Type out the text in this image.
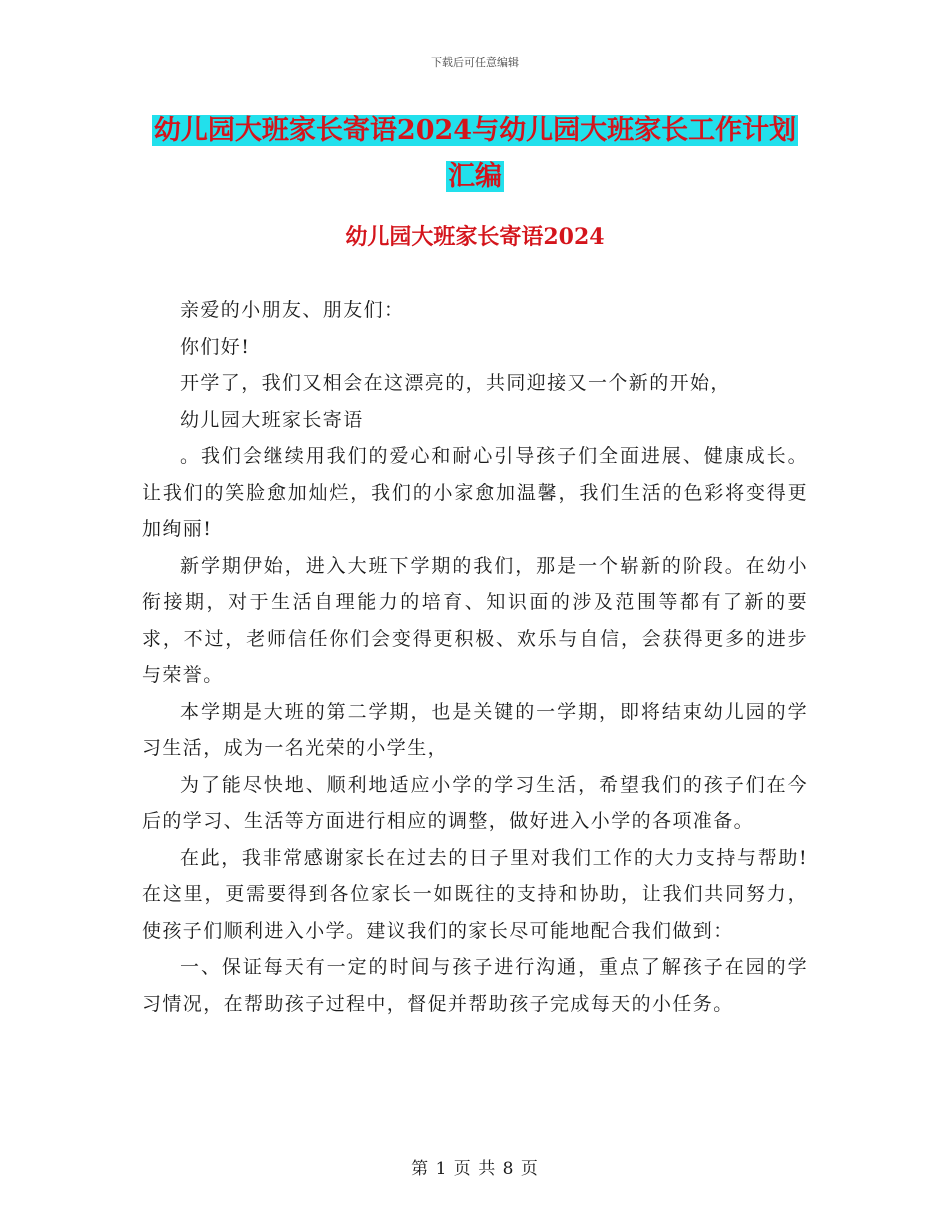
下载后可任意编辑
幼儿园大班家长寄语2024与幼儿园大班家长工作计划
汇编
幼儿园大班家长寄语2024

亲爱的小朋友、朋友们：

你们好!

开学了，我们又相会在这漂亮的，共同迎接又一个新的开始，

幼儿园大班家长寄语

。我们会继续用我们的爱心和耐心引导孩子们全面进展、健康成长。让我们的笑脸愈加灿烂，我们的小家愈加温馨，我们生活的色彩将变得更加绚丽!

新学期伊始，进入大班下学期的我们，那是一个崭新的阶段。在幼小衔接期，对于生活自理能力的培育、知识面的涉及范围等都有了新的要求，不过，老师信任你们会变得更积极、欢乐与自信，会获得更多的进步与荣誉。

本学期是大班的第二学期，也是关键的一学期，即将结束幼儿园的学习生活，成为一名光荣的小学生，

为了能尽快地、顺利地适应小学的学习生活，希望我们的孩子们在今后的学习、生活等方面进行相应的调整，做好进入小学的各项准备。

在此，我非常感谢家长在过去的日子里对我们工作的大力支持与帮助!在这里，更需要得到各位家长一如既往的支持和协助，让我们共同努力，使孩子们顺利进入小学。建议我们的家长尽可能地配合我们做到：

一、保证每天有一定的时间与孩子进行沟通，重点了解孩子在园的学习情况，在帮助孩子过程中，督促并帮助孩子完成每天的小任务。

第 1 页 共 8 页
